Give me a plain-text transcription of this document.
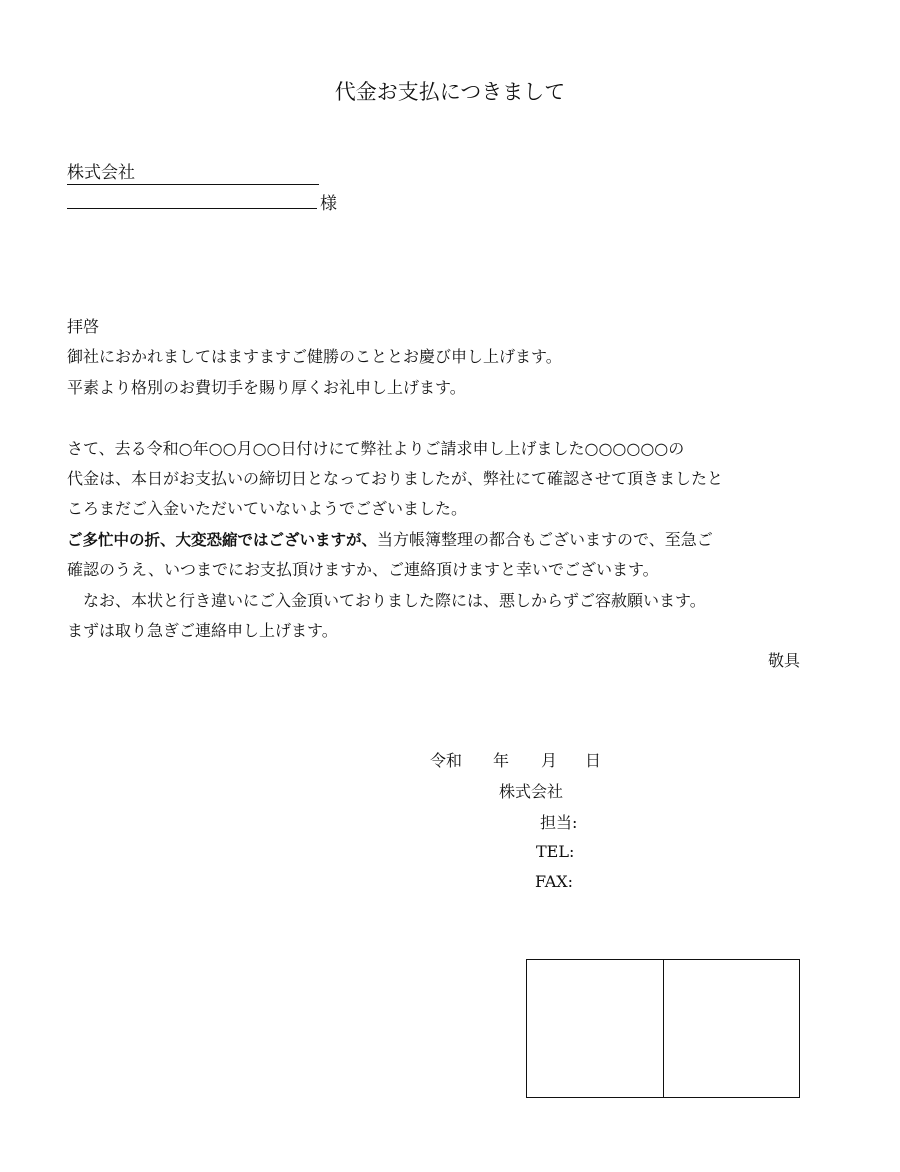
代金お支払につきまして
株式会社
様

拝啓

御社におかれましてはますますご健勝のこととお慶び申し上げます。

平素より格別のお費切手を賜り厚くお礼申し上げます。

さて、去る令和○年○○月○○日付けにて弊社よりご請求申し上げました○○○○○○の

代金は、本日がお支払いの締切日となっておりましたが、弊社にて確認させて頂きましたと

ころまだご入金いただいていないようでございました。

ご多忙中の折、大変恐縮ではございますが、当方帳簿整理の都合もございますので、至急ご

確認のうえ、いつまでにお支払頂けますか、ご連絡頂けますと幸いでございます。

　なお、本状と行き違いにご入金頂いておりました際には、悪しからずご容赦願います。

まずは取り急ぎご連絡申し上げます。

敬具

令和 年 月 日
株式会社
担当:
TEL:
FAX:
